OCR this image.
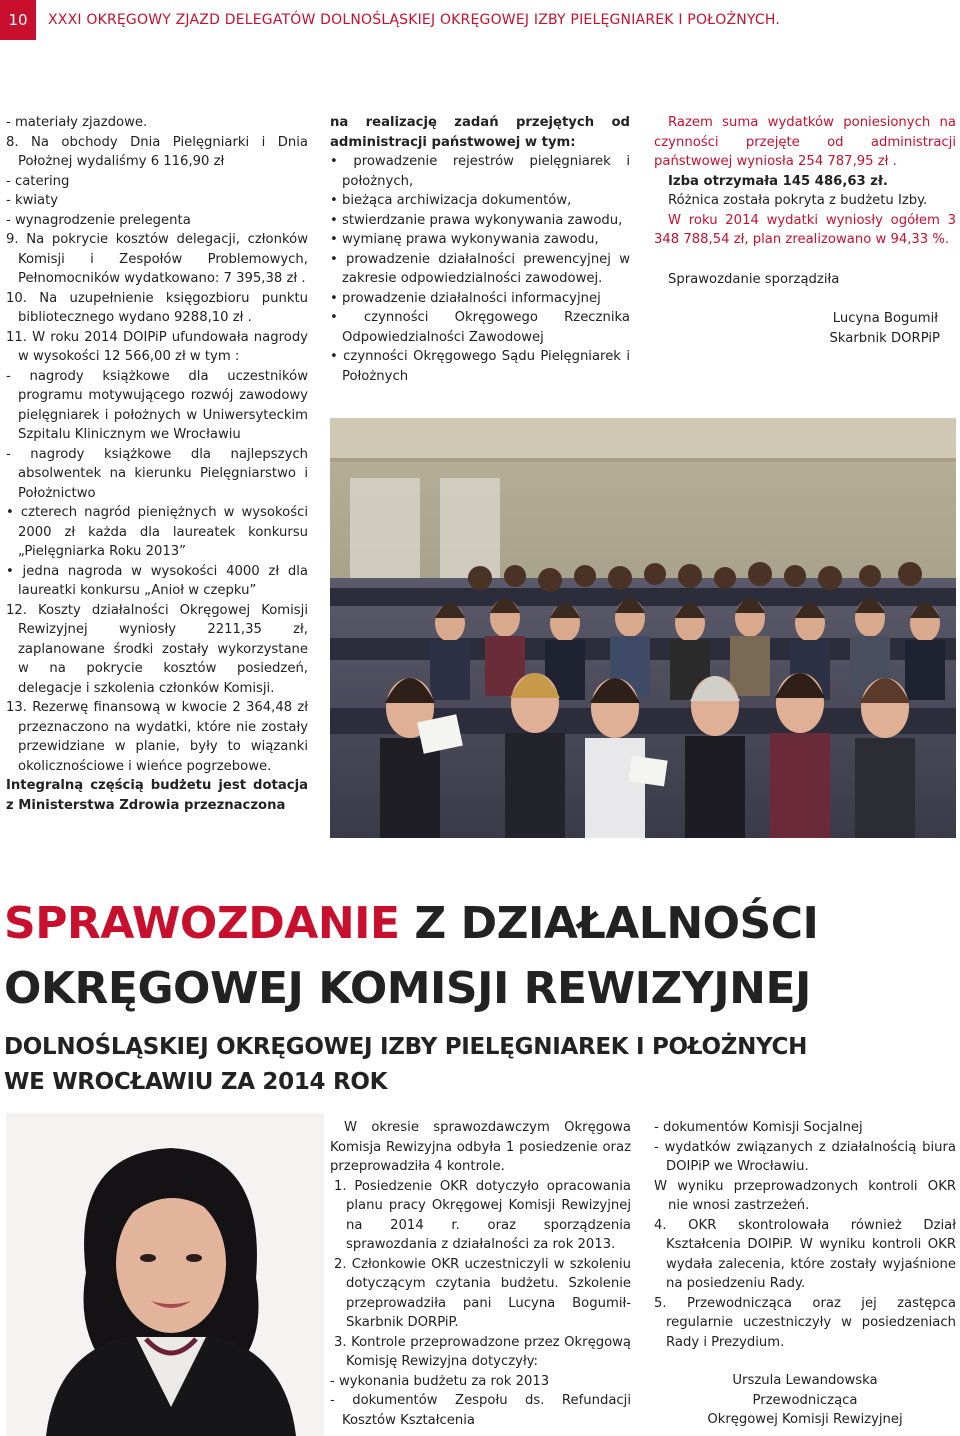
10	XXXI OKRĘGOWY ZJAZD DELEGATÓW DOLNOŚLĄSKIEJ OKRĘGOWEJ IZBY PIELĘGNIAREK I POŁOŻNYCH.

- materiały zjazdowe.

8. Na obchody Dnia Pielęgniarki i Dnia Położnej wydaliśmy 6 116,90 zł

- catering

- kwiaty

- wynagrodzenie prelegenta

9. Na pokrycie kosztów delegacji, członków Komisji i Zespołów Problemowych, Pełnomocników wydatkowano: 7 395,38 zł .

10. Na uzupełnienie księgozbioru punktu bibliotecznego wydano 9288,10 zł .

11. W roku 2014 DOIPiP ufundowała nagrody w wysokości 12 566,00 zł w tym :

- nagrody książkowe dla uczestników programu motywującego rozwój zawodowy pielęgniarek i położnych w Uniwersyteckim Szpitalu Klinicznym we Wrocławiu

- nagrody książkowe dla najlepszych absolwentek na kierunku Pielęgniarstwo i Położnictwo

• czterech nagród pieniężnych w wysokości 2000 zł każda dla laureatek konkursu „Pielęgniarka Roku 2013”

• jedna nagroda w wysokości 4000 zł dla laureatki konkursu „Anioł w czepku”

12. Koszty działalności Okręgowej Komisji Rewizyjnej wyniosły 2211,35 zł, zaplanowane środki zostały wykorzystane w na pokrycie kosztów posiedzeń, delegacje i szkolenia członków Komisji.

13. Rezerwę finansową w kwocie 2 364,48 zł przeznaczono na wydatki, które nie zostały przewidziane w planie, były to wiązanki okolicznościowe i wieńce pogrzebowe.

Integralną częścią budżetu jest dotacja z Ministerstwa Zdrowia przeznaczona

na realizację zadań przejętych od administracji państwowej w tym:

• prowadzenie rejestrów pielęgniarek i położnych,

• bieżąca archiwizacja dokumentów,

• stwierdzanie prawa wykonywania zawodu,

• wymianę prawa wykonywania zawodu,

• prowadzenie działalności prewencyjnej w zakresie odpowiedzialności zawodowej.

• prowadzenie działalności informacyjnej

• czynności Okręgowego Rzecznika Odpowiedzialności Zawodowej

• czynności Okręgowego Sądu Pielęgniarek i Położnych

Razem suma wydatków poniesionych na czynności przejęte od administracji państwowej wyniosła 254 787,95 zł .

Izba otrzymała 145 486,63 zł.

Różnica została pokryta z budżetu Izby.

W roku 2014 wydatki wyniosły ogółem 3 348 788,54 zł, plan zrealizowano w 94,33 %.

Sprawozdanie sporządziła

Lucyna Bogumił

Skarbnik DORPiP

SPRAWOZDANIE Z DZIAŁALNOŚCI
OKRĘGOWEJ KOMISJI REWIZYJNEJ
DOLNOŚLĄSKIEJ OKRĘGOWEJ IZBY PIELĘGNIAREK I POŁOŻNYCH
WE WROCŁAWIU ZA 2014 ROK

W okresie sprawozdawczym Okręgowa Komisja Rewizyjna odbyła 1 posiedzenie oraz przeprowadziła 4 kontrole.

1. Posiedzenie OKR dotyczyło opracowania planu pracy Okręgowej Komisji Rewizyjnej na 2014 r. oraz sporządzenia sprawozdania z działalności za rok 2013.

2. Członkowie OKR uczestniczyli w szkoleniu dotyczącym czytania budżetu. Szkolenie przeprowadziła pani Lucyna Bogumił- Skarbnik DORPiP.

3. Kontrole przeprowadzone przez Okręgową Komisję Rewizyjna dotyczyły:

- wykonania budżetu za rok 2013

- dokumentów Zespołu ds. Refundacji Kosztów Kształcenia

- dokumentów Komisji Socjalnej

- wydatków związanych z działalnością biura DOIPiP we Wrocławiu.

W wyniku przeprowadzonych kontroli OKR nie wnosi zastrzeżeń.

4. OKR skontrolowała również Dział Kształcenia DOIPiP. W wyniku kontroli OKR wydała zalecenia, które zostały wyjaśnione na posiedzeniu Rady.

5. Przewodnicząca oraz jej zastępca regularnie uczestniczyły w posiedzeniach Rady i Prezydium.

Urszula Lewandowska

Przewodnicząca

Okręgowej Komisji Rewizyjnej
